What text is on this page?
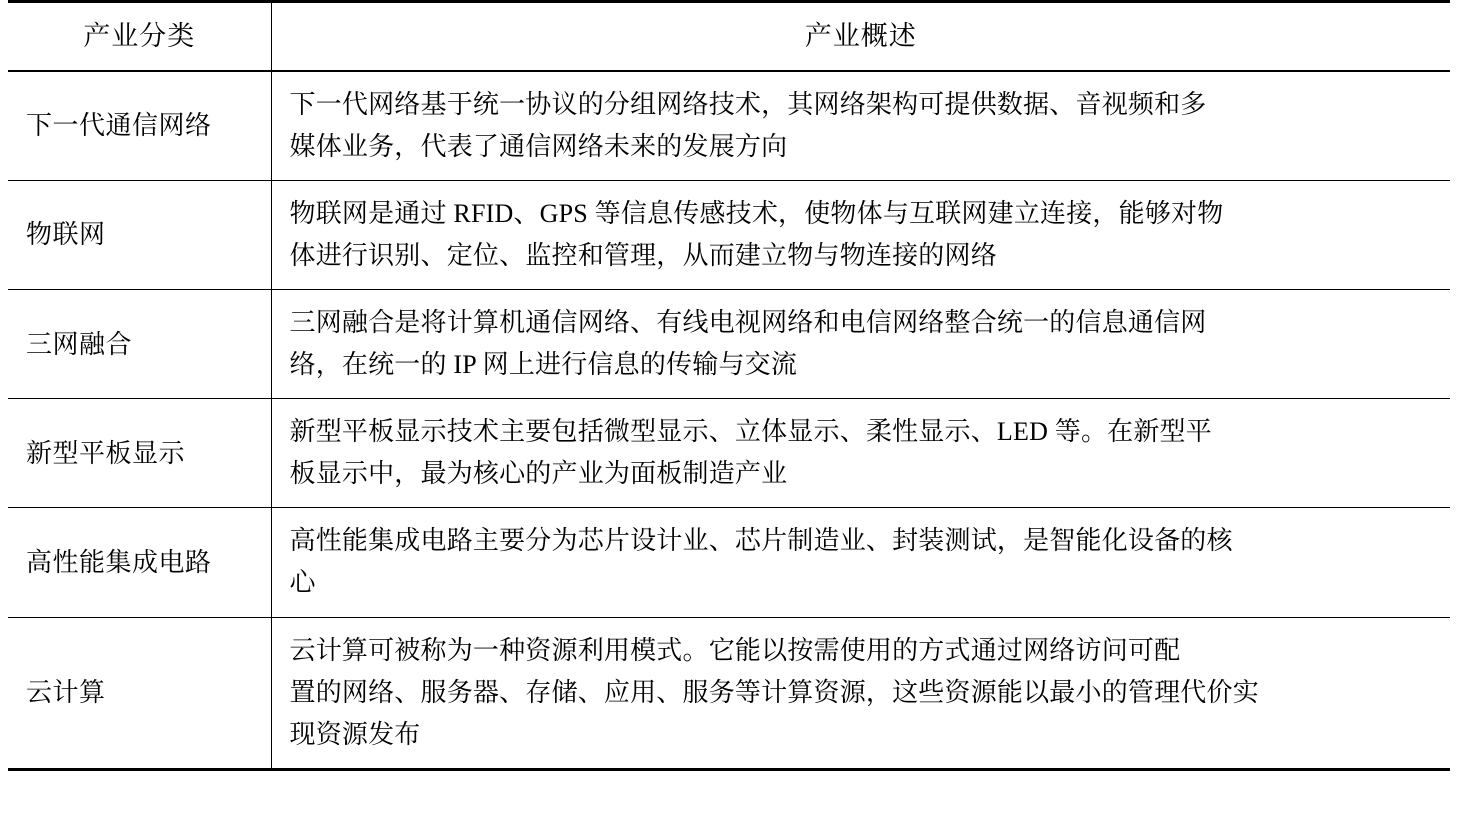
产业分类	产业概述
下一代通信网络	下一代网络基于统一协议的分组网络技术，其网络架构可提供数据、音视频和多
媒体业务，代表了通信网络未来的发展方向

物联网	物联网是通过 RFID、GPS 等信息传感技术，使物体与互联网建立连接，能够对物
体进行识别、定位、监控和管理，从而建立物与物连接的网络

三网融合	三网融合是将计算机通信网络、有线电视网络和电信网络整合统一的信息通信网
络，在统一的 IP 网上进行信息的传输与交流

新型平板显示	新型平板显示技术主要包括微型显示、立体显示、柔性显示、LED 等。在新型平
板显示中，最为核心的产业为面板制造产业

高性能集成电路	高性能集成电路主要分为芯片设计业、芯片制造业、封装测试，是智能化设备的核
心

云计算	云计算可被称为一种资源利用模式。它能以按需使用的方式通过网络访问可配
置的网络、服务器、存储、应用、服务等计算资源，这些资源能以最小的管理代价实
现资源发布
